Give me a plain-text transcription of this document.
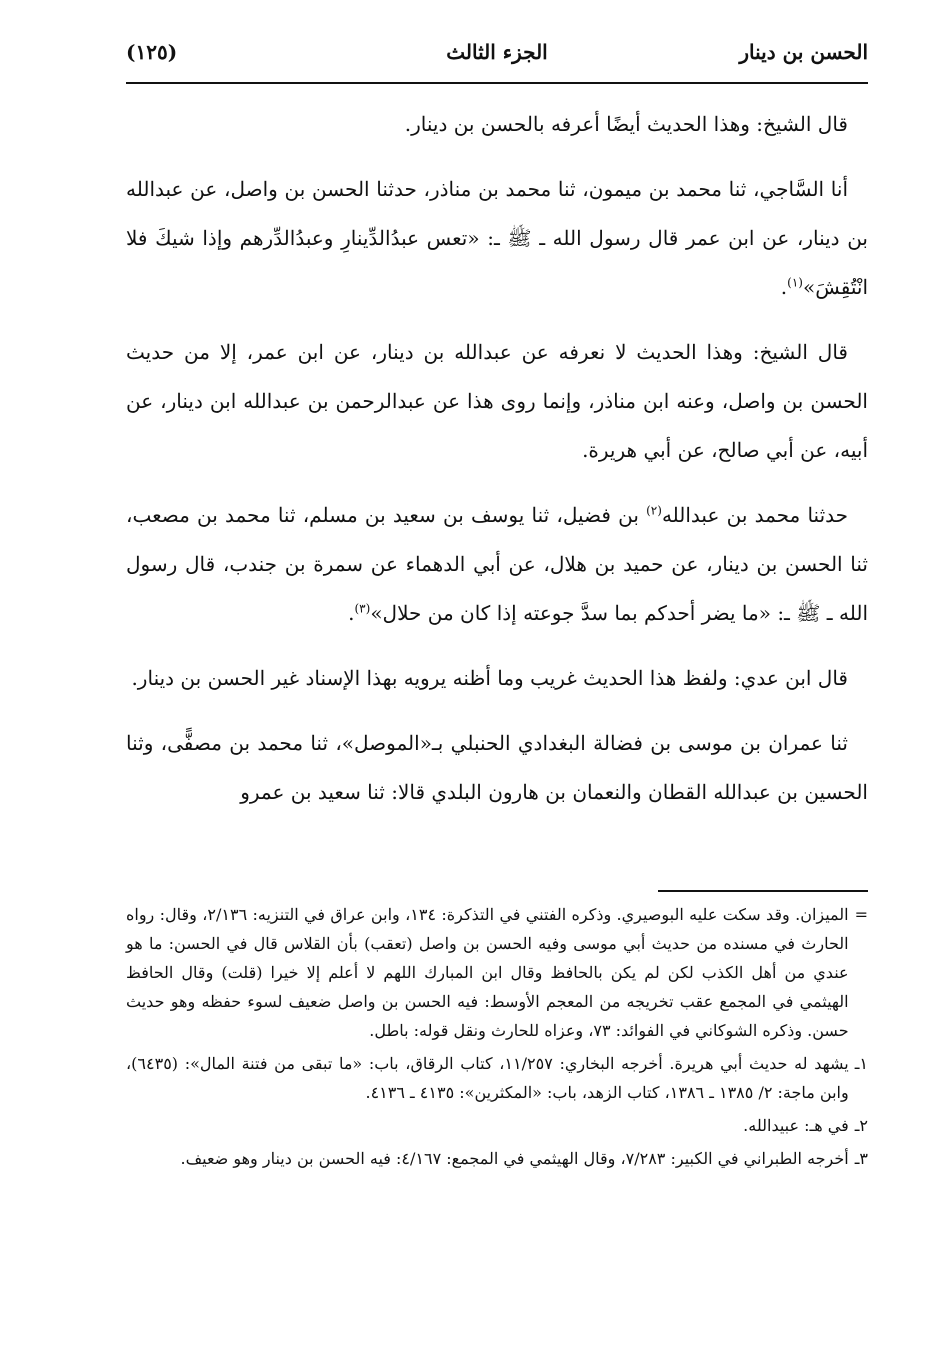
الحسن بن دينار
الجزء الثالث
(١٢٥)

قال الشيخ: وهذا الحديث أيضًا أعرفه بالحسن بن دينار.

أنا السَّاجي، ثنا محمد بن ميمون، ثنا محمد بن مناذر، حدثنا الحسن بن واصل، عن عبدالله بن دينار، عن ابن عمر قال رسول الله ـ ﷺ ـ: «تعس عبدُالدِّينارِ وعبدُالدِّرهم وإذا شيكَ فلا انْتُقِشَ»$^{(١)}$.

قال الشيخ: وهذا الحديث لا نعرفه عن عبدالله بن دينار، عن ابن عمر، إلا من حديث الحسن بن واصل، وعنه ابن مناذر، وإنما روى هذا عن عبدالرحمن بن عبدالله ابن دينار، عن أبيه، عن أبي صالح، عن أبي هريرة.

حدثنا محمد بن عبدالله$^{(٢)}$ بن فضيل، ثنا يوسف بن سعيد بن مسلم، ثنا محمد بن مصعب، ثنا الحسن بن دينار، عن حميد بن هلال، عن أبي الدهماء عن سمرة بن جندب، قال رسول الله ـ ﷺ ـ: «ما يضر أحدكم بما سدَّ جوعته إذا كان من حلال»$^{(٣)}$.

قال ابن عدي: ولفظ هذا الحديث غريب وما أظنه يرويه بهذا الإسناد غير الحسن بن دينار.

ثنا عمران بن موسى بن فضالة البغدادي الحنبلي بـ«الموصل»، ثنا محمد بن مصفًّى، وثنا الحسين بن عبدالله القطان والنعمان بن هارون البلدي قالا: ثنا سعيد بن عمرو

=
الميزان. وقد سكت عليه البوصيري. وذكره الفتني في التذكرة: ١٣٤، وابن عراق في التنزيه: ٢/١٣٦، وقال: رواه الحارث في مسنده من حديث أبي موسى وفيه الحسن بن واصل (تعقب) بأن القلاس قال في الحسن: ما هو عندي من أهل الكذب لكن لم يكن بالحافظ وقال ابن المبارك اللهم لا أعلم إلا خيرا (قلت) وقال الحافظ الهيثمي في المجمع عقب تخريجه من المعجم الأوسط: فيه الحسن بن واصل ضعيف لسوء حفظه وهو حديث حسن. وذكره الشوكاني في الفوائد: ٧٣، وعزاه للحارث ونقل قوله: باطل.
١ـ
يشهد له حديث أبي هريرة. أخرجه البخاري: ١١/٢٥٧، كتاب الرقاق، باب: «ما تبقى من فتنة المال»: (٦٤٣٥)، وابن ماجة: ٢/ ١٣٨٥ ـ ١٣٨٦، كتاب الزهد، باب: «المكثرين»: ٤١٣٥ ـ ٤١٣٦.
٢ـ
في هـ: عبيدالله.
٣ـ
أخرجه الطبراني في الكبير: ٧/٢٨٣، وقال الهيثمي في المجمع: ٤/١٦٧: فيه الحسن بن دينار وهو ضعيف.
